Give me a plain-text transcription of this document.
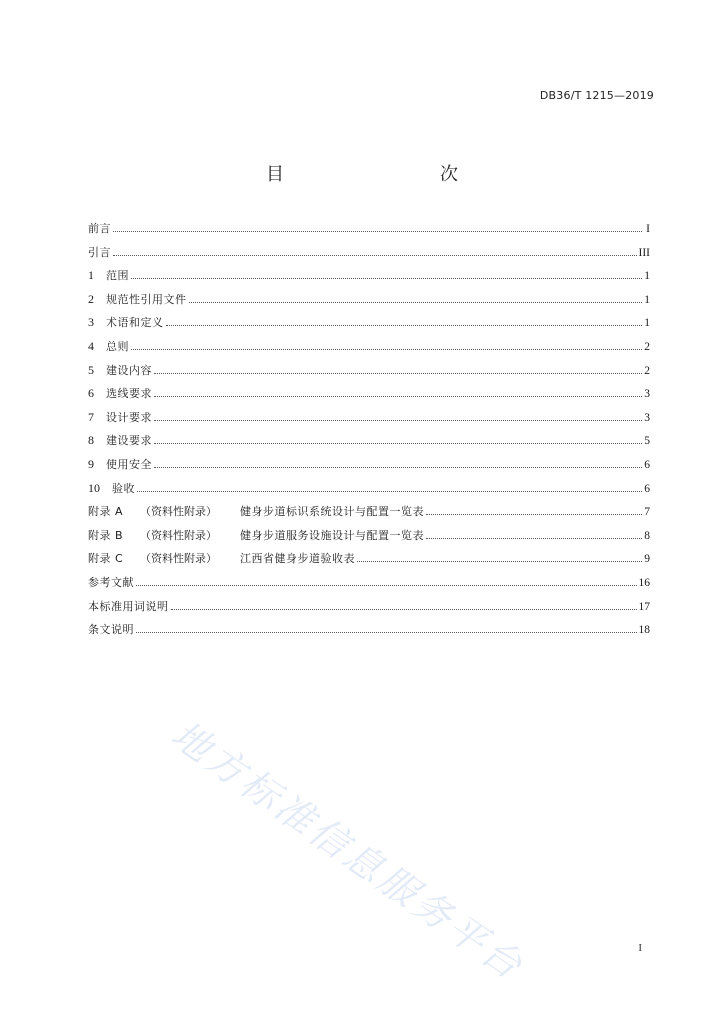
DB36/T 1215—2019
目　　次
前言	I
引言	III
1	范围	1
2	规范性引用文件	1
3	术语和定义	1
4	总则	2
5	建设内容	2
6	选线要求	3
7	设计要求	3
8	建设要求	5
9	使用安全	6
10	验收	6
附录 A	（资料性附录）	健身步道标识系统设计与配置一览表	7
附录 B	（资料性附录）	健身步道服务设施设计与配置一览表	8
附录 C	（资料性附录）	江西省健身步道验收表	9
参考文献	16
本标准用词说明	17
条文说明	18
地方标准信息服务平台	I
